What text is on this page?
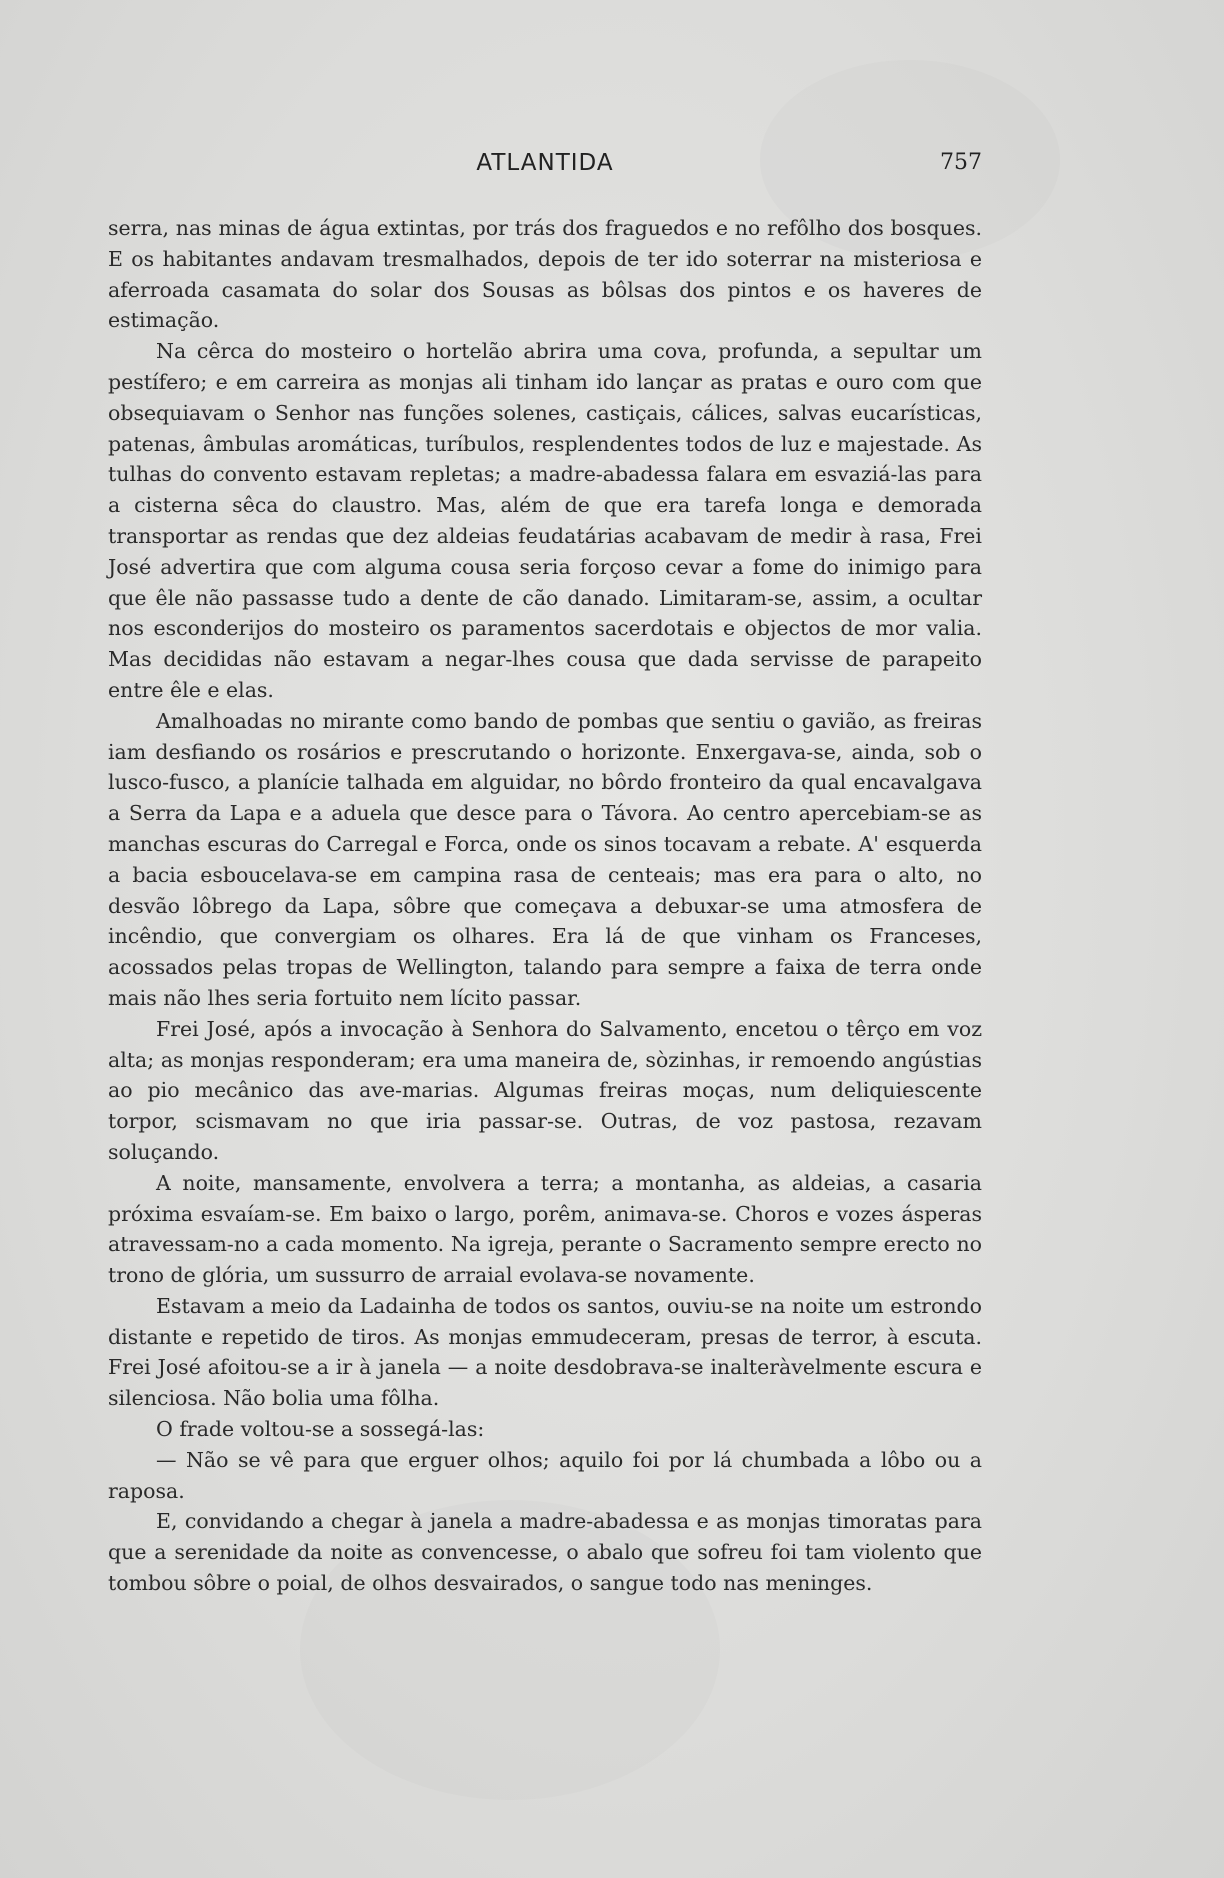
ATLANTIDA	757

serra, nas minas de água extintas, por trás dos fraguedos e no refôlho dos bosques. E os habitantes andavam tresmalhados, depois de ter ido soterrar na misteriosa e aferroada casamata do solar dos Sousas as bôlsas dos pintos e os haveres de estimação.

Na cêrca do mosteiro o hortelão abrira uma cova, profunda, a sepultar um pestífero; e em carreira as monjas ali tinham ido lançar as pratas e ouro com que obsequiavam o Senhor nas funções solenes, castiçais, cálices, salvas eucarísticas, patenas, âmbulas aromáticas, turíbulos, resplendentes todos de luz e majestade. As tulhas do convento estavam repletas; a madre-abadessa falara em esvaziá-las para a cisterna sêca do claustro. Mas, além de que era tarefa longa e demorada transportar as rendas que dez aldeias feudatárias acabavam de medir à rasa, Frei José advertira que com alguma cousa seria forçoso cevar a fome do inimigo para que êle não passasse tudo a dente de cão danado. Limitaram-se, assim, a ocultar nos esconderijos do mosteiro os paramentos sacerdotais e objectos de mor valia. Mas decididas não estavam a negar-lhes cousa que dada servisse de parapeito entre êle e elas.

Amalhoadas no mirante como bando de pombas que sentiu o gavião, as freiras iam desfiando os rosários e prescrutando o horizonte. Enxergava-se, ainda, sob o lusco-fusco, a planície talhada em alguidar, no bôrdo fronteiro da qual encavalgava a Serra da Lapa e a aduela que desce para o Távora. Ao centro apercebiam-se as manchas escuras do Carregal e Forca, onde os sinos tocavam a rebate. A' esquerda a bacia esboucelava-se em campina rasa de centeais; mas era para o alto, no desvão lôbrego da Lapa, sôbre que começava a debuxar-se uma atmosfera de incêndio, que convergiam os olhares. Era lá de que vinham os Franceses, acossados pelas tropas de Wellington, talando para sempre a faixa de terra onde mais não lhes seria fortuito nem lícito passar.

Frei José, após a invocação à Senhora do Salvamento, encetou o têrço em voz alta; as monjas responderam; era uma maneira de, sòzinhas, ir remoendo angústias ao pio mecânico das ave-marias. Algumas freiras moças, num deliquiescente torpor, scismavam no que iria passar-se. Outras, de voz pastosa, rezavam soluçando.

A noite, mansamente, envolvera a terra; a montanha, as aldeias, a casaria próxima esvaíam-se. Em baixo o largo, porêm, animava-se. Choros e vozes ásperas atravessam-no a cada momento. Na igreja, perante o Sacramento sempre erecto no trono de glória, um sussurro de arraial evolava-se novamente.

Estavam a meio da Ladainha de todos os santos, ouviu-se na noite um estrondo distante e repetido de tiros. As monjas emmudeceram, presas de terror, à escuta. Frei José afoitou-se a ir à janela — a noite desdobrava-se inalteràvelmente escura e silenciosa. Não bolia uma fôlha.

O frade voltou-se a sossegá-las:

— Não se vê para que erguer olhos; aquilo foi por lá chumbada a lôbo ou a raposa.

E, convidando a chegar à janela a madre-abadessa e as monjas timoratas para que a serenidade da noite as convencesse, o abalo que sofreu foi tam violento que tombou sôbre o poial, de olhos desvairados, o sangue todo nas meninges.
